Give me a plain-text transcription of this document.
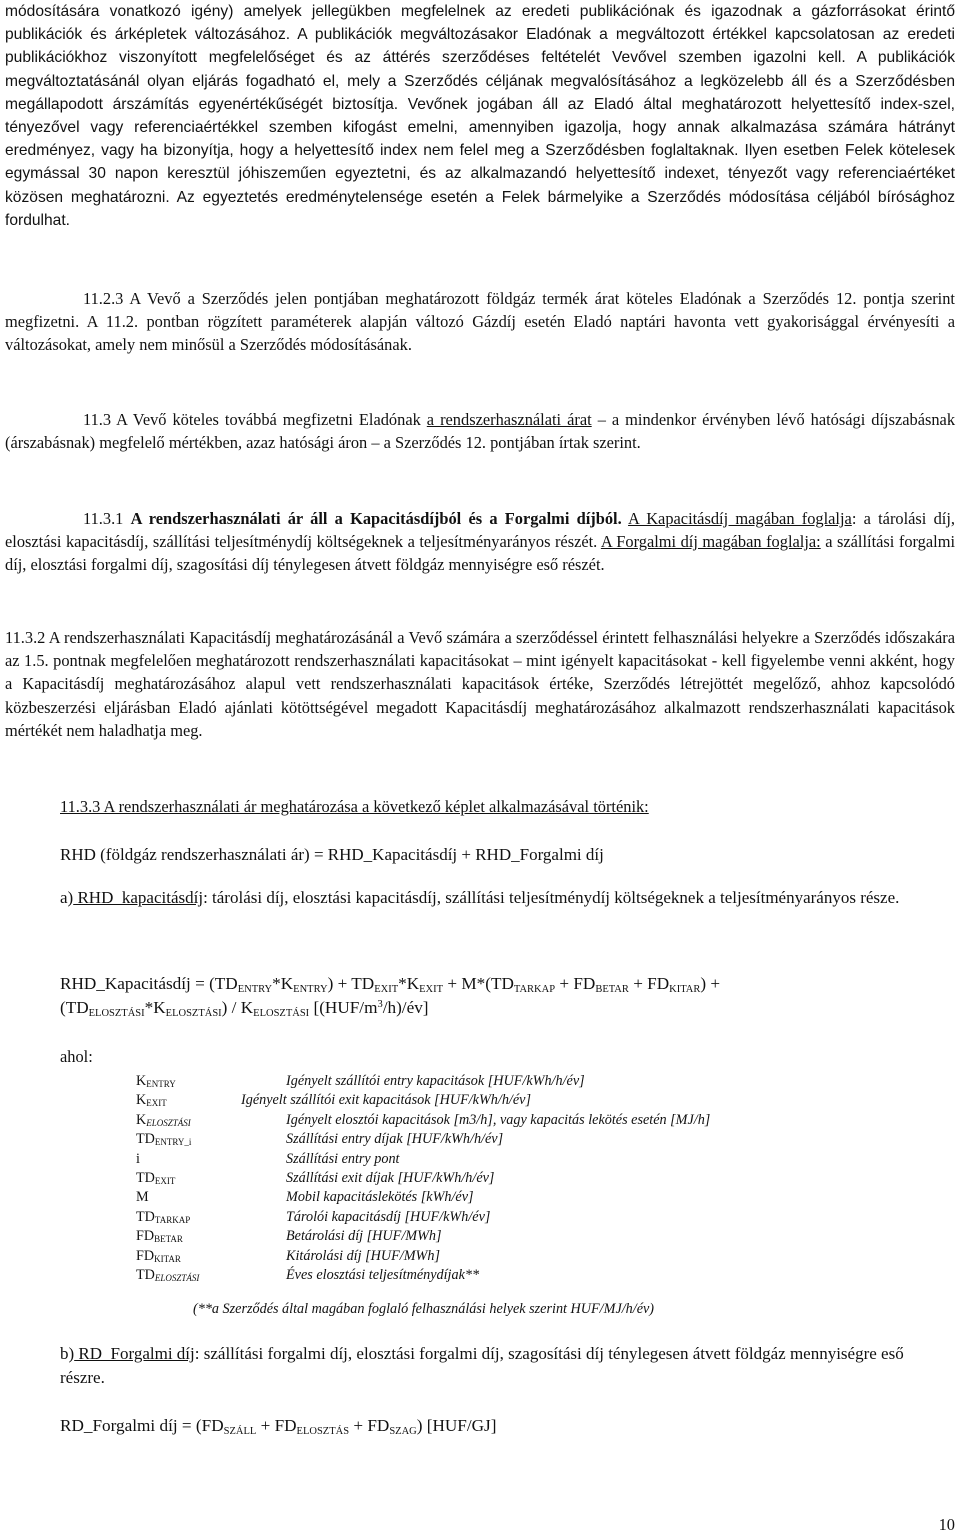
módosítására vonatkozó igény) amelyek jellegükben megfelelnek az eredeti publikációnak és igazodnak a gázforrásokat érintő publikációk és árképletek változásához. A publikációk megváltozásakor Eladónak a megváltozott értékkel kapcsolatosan az eredeti publikációkhoz viszonyított megfelelőséget és az áttérés szerződéses feltételét Vevővel szemben igazolni kell. A publikációk megváltoztatásánál olyan eljárás fogadható el, mely a Szerződés céljának megvalósításához a legközelebb áll és a Szerződésben megállapodott árszámítás egyenértékűségét biztosítja. Vevőnek jogában áll az Eladó által meghatározott helyettesítő index-szel, tényezővel vagy referenciaértékkel szemben kifogást emelni, amennyiben igazolja, hogy annak alkalmazása számára hátrányt eredményez, vagy ha bizonyítja, hogy a helyettesítő index nem felel meg a Szerződésben foglaltaknak. Ilyen esetben Felek kötelesek egymással 30 napon keresztül jóhiszeműen egyeztetni, és az alkalmazandó helyettesítő indexet, tényezőt vagy referenciaértéket közösen meghatározni. Az egyeztetés eredménytelensége esetén a Felek bármelyike a Szerződés módosítása céljából bírósághoz fordulhat.

11.2.3 A Vevő a Szerződés jelen pontjában meghatározott földgáz termék árat köteles Eladónak a Szerződés 12. pontja szerint megfizetni. A 11.2. pontban rögzített paraméterek alapján változó Gázdíj esetén Eladó naptári havonta vett gyakorisággal érvényesíti a változásokat, amely nem minősül a Szerződés módosításának.

11.3 A Vevő köteles továbbá megfizetni Eladónak a rendszerhasználati árat – a mindenkor érvényben lévő hatósági díjszabásnak (árszabásnak) megfelelő mértékben, azaz hatósági áron – a Szerződés 12. pontjában írtak szerint.

11.3.1 A rendszerhasználati ár áll a Kapacitásdíjból és a Forgalmi díjból. A Kapacitásdíj magában foglalja: a tárolási díj, elosztási kapacitásdíj, szállítási teljesítménydíj költségeknek a teljesítményarányos részét. A Forgalmi díj magában foglalja: a szállítási forgalmi díj, elosztási forgalmi díj, szagosítási díj ténylegesen átvett földgáz mennyiségre eső részét.

11.3.2 A rendszerhasználati Kapacitásdíj meghatározásánál a Vevő számára a szerződéssel érintett felhasználási helyekre a Szerződés időszakára az 1.5. pontnak megfelelően meghatározott rendszerhasználati kapacitásokat – mint igényelt kapacitásokat - kell figyelembe venni akként, hogy a Kapacitásdíj meghatározásához alapul vett rendszerhasználati kapacitások értéke, Szerződés létrejöttét megelőző, ahhoz kapcsolódó közbeszerzési eljárásban Eladó ajánlati kötöttségével megadott Kapacitásdíj meghatározásához alkalmazott rendszerhasználati kapacitások mértékét nem haladhatja meg.

11.3.3 A rendszerhasználati ár meghatározása a következő képlet alkalmazásával történik:

RHD (földgáz rendszerhasználati ár) = RHD_Kapacitásdíj + RHD_Forgalmi díj

a) RHD_kapacitásdíj: tárolási díj, elosztási kapacitásdíj, szállítási teljesítménydíj költségeknek a teljesítményarányos része.

RHD_Kapacitásdíj = $(TD_{ENTRY}*K_{ENTRY}) + TD_{EXIT}*K_{EXIT} + M*(TD_{TARKAP} + FD_{BETAR} + FD_{KITAR})$ +

$(TD_{ELOSZTÁSI}*K_{ELOSZTÁSI}) / K_{ELOSZTÁSI}$ $[(HUF/m^3/h)/év]$

ahol:
$K_{ENTRY}$	Igényelt szállítói entry kapacitások [HUF/kWh/h/év]
$K_{EXIT}$	Igényelt szállítói exit kapacitások [HUF/kWh/h/év]
$K_{ELOSZTÁSI}$	Igényelt elosztói kapacitások [m3/h], vagy kapacitás lekötés esetén [MJ/h]
$TD_{ENTRY\_i}$	Szállítási entry díjak [HUF/kWh/h/év]
i	Szállítási entry pont
$TD_{EXIT}$	Szállítási exit díjak [HUF/kWh/h/év]
M	Mobil kapacitáslekötés [kWh/év]
$TD_{TARKAP}$	Tárolói kapacitásdíj [HUF/kWh/év]
$FD_{BETAR}$	Betárolási díj [HUF/MWh]
$FD_{KITAR}$	Kitárolási díj [HUF/MWh]
$TD_{ELOSZTÁSI}$	Éves elosztási teljesítménydíjak**
(**a Szerződés által magában foglaló felhasználási helyek szerint HUF/MJ/h/év)

b) RD_Forgalmi díj: szállítási forgalmi díj, elosztási forgalmi díj, szagosítási díj ténylegesen átvett földgáz mennyiségre eső részre.

RD_Forgalmi díj = $(FD_{SZÁLL} + FD_{ELOSZTÁS} + FD_{SZAG})$ [HUF/GJ]

10
